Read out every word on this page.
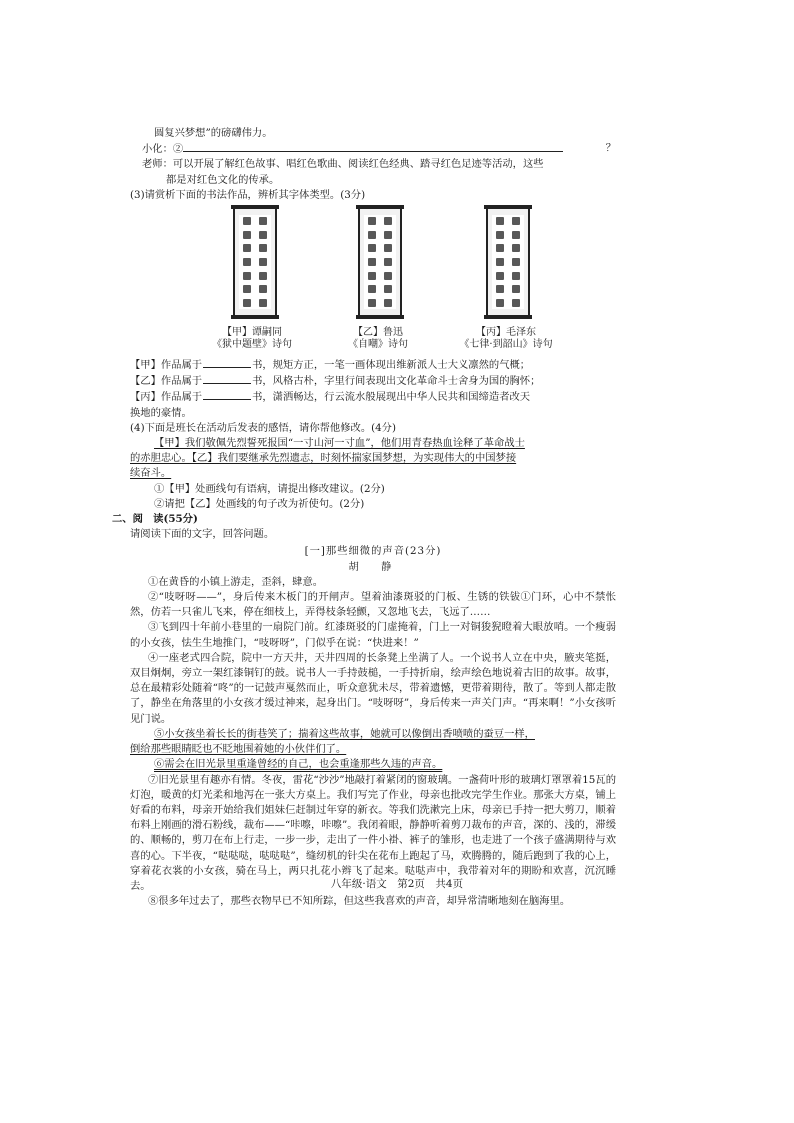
圆复兴梦想”的磅礴伟力。
小化：②	？
老师：可以开展了解红色故事、唱红色歌曲、阅读红色经典、踏寻红色足迹等活动，这些
都是对红色文化的传承。
(3)请赏析下面的书法作品，辨析其字体类型。(3分)
【甲】谭嗣同
《狱中题壁》诗句
【乙】鲁迅
《自嘲》诗句
【丙】毛泽东
《七律·到韶山》诗句
【甲】作品属于	书，规矩方正，一笔一画体现出维新派人士大义凛然的气概；
【乙】作品属于	书，风格古朴，字里行间表现出文化革命斗士舍身为国的胸怀；
【丙】作品属于	书，潇洒畅达，行云流水般展现出中华人民共和国缔造者改天
换地的豪情。
(4)下面是班长在活动后发表的感悟，请你帮他修改。(4分)
【甲】我们敬佩先烈誓死报国“一寸山河一寸血”，他们用青春热血诠释了革命战士
的赤胆忠心。【乙】我们要继承先烈遗志，时刻怀揣家国梦想，为实现伟大的中国梦接
续奋斗。
①【甲】处画线句有语病，请提出修改建议。(2分)
②请把【乙】处画线的句子改为祈使句。(2分)
二、阅　读(55分)
请阅读下面的文字，回答问题。
[一]那些细微的声音(23分)
胡　静
①在黄昏的小镇上游走，歪斜，肆意。
②“吱呀呀——”，身后传来木板门的开闸声。望着油漆斑驳的门板、生锈的铁钹①门环，心中不禁怅然，仿若一只雀儿飞来，停在细枝上，弄得枝条轻颤，又忽地飞去，飞远了……
③飞到四十年前小巷里的一扇院门前。红漆斑驳的门虚掩着，门上一对铜狻猊瞪着大眼放哨。一个瘦弱的小女孩，怯生生地推门，“吱呀呀”，门似乎在说：“快进来！”
④一座老式四合院，院中一方天井，天井四周的长条凳上坐满了人。一个说书人立在中央，腋夹笔挺，双目炯炯，旁立一架红漆铜钉的鼓。说书人一手持鼓槌，一手持折扇，绘声绘色地说着古旧的故事。故事，总在最精彩处随着“咚”的一记鼓声戛然而止，听众意犹未尽，带着遗憾，更带着期待，散了。等到人都走散了，静坐在角落里的小女孩才缓过神来，起身出门。“吱呀呀”，身后传来一声关门声。“再来啊！”小女孩听见门说。
⑤小女孩坐着长长的街巷笑了；揣着这些故事，她就可以像倒出香喷喷的蚕豆一样，
倒给那些眼睛眨也不眨地围着她的小伙伴们了。
⑥需会在旧光景里重逢曾经的自己，也会重逢那些久违的声音。
⑦旧光景里有趣亦有情。冬夜，雷花“沙沙”地敲打着紧闭的窗玻璃。一盏荷叶形的玻璃灯罩罩着15瓦的灯泡，暖黄的灯光柔和地泻在一张大方桌上。我们写完了作业，母亲也批改完学生作业。那张大方桌，铺上好看的布料，母亲开始给我们姐妹仨赶制过年穿的新衣。等我们洗漱完上床，母亲已手持一把大剪刀，顺着布料上刚画的滑石粉线，裁布——“咔嚓，咔嚓”。我闭着眼，静静听着剪刀裁布的声音，深的、浅的，滞缓的、顺畅的，剪刀在布上行走，一步一步，走出了一件小褂、裤子的雏形，也走进了一个孩子盛满期待与欢喜的心。下半夜，“哒哒哒，哒哒哒”，缝纫机的针尖在花布上跑起了马，欢腾腾的，随后跑到了我的心上，穿着花衣裳的小女孩，骑在马上，两只扎花小辫飞了起来。哒哒声中，我带着对年的期盼和欢喜，沉沉睡去。
⑧很多年过去了，那些衣物早已不知所踪，但这些我喜欢的声音，却异常清晰地刻在脑海里。
八年级·语文　第2页　共4页
